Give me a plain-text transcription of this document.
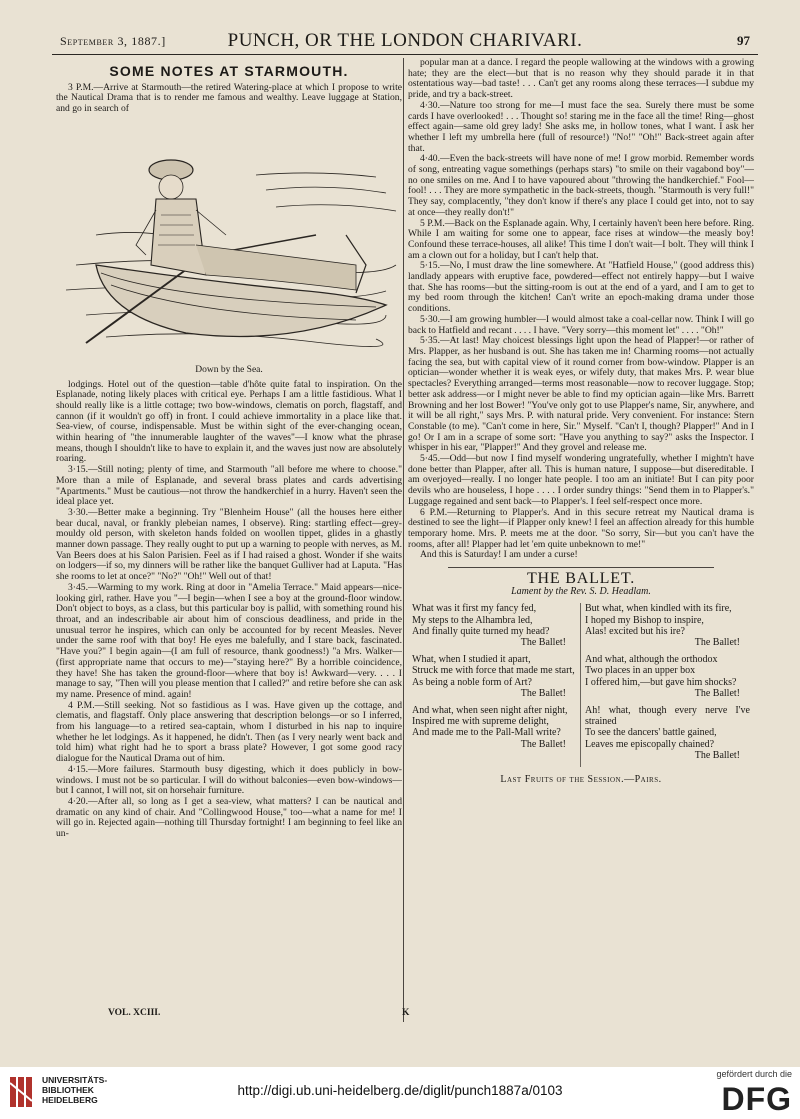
September 3, 1887.]	PUNCH, OR THE LONDON CHARIVARI.	97
SOME NOTES AT STARMOUTH.

3 P.M.—Arrive at Starmouth—the retired Watering-place at which I propose to write the Nautical Drama that is to render me famous and wealthy. Leave luggage at Station, and go in search of

Down by the Sea.

lodgings. Hotel out of the question—table d'hôte quite fatal to inspiration. On the Esplanade, noting likely places with critical eye. Perhaps I am a little fastidious. What I should really like is a little cottage; two bow-windows, clematis on porch, flagstaff, and cannon (if it wouldn't go off) in front. I could achieve immortality in a place like that. Sea-view, of course, indispensable. Must be within sight of the ever-changing ocean, within hearing of "the innumerable laughter of the waves"—I know what the phrase means, though I shouldn't like to have to explain it, and the waves just now are absolutely roaring.

3·15.—Still noting; plenty of time, and Starmouth "all before me where to choose." More than a mile of Esplanade, and several brass plates and cards advertising "Apartments." Must be cautious—not throw the handkerchief in a hurry. Haven't seen the ideal place yet.

3·30.—Better make a beginning. Try "Blenheim House" (all the houses here either bear ducal, naval, or frankly plebeian names, I observe). Ring: startling effect—grey-mouldy old person, with skeleton hands folded on woollen tippet, glides in a ghastly manner down passage. They really ought to put up a warning to people with nerves, as M. Van Beers does at his Salon Parisien. Feel as if I had raised a ghost. Wonder if she waits on lodgers—if so, my dinners will be rather like the banquet Gulliver had at Laputa. "Has she rooms to let at once?" "No?" "Oh!" Well out of that!

3·45.—Warming to my work. Ring at door in "Amelia Terrace." Maid appears—nice-looking girl, rather. Have you "—I begin—when I see a boy at the ground-floor window. Don't object to boys, as a class, but this particular boy is pallid, with something round his throat, and an indescribable air about him of conscious deadliness, and pride in the unusual terror he inspires, which can only be accounted for by recent Measles. Never under the same roof with that boy! He eyes me balefully, and I stare back, fascinated. "Have you?" I begin again—(I am full of resource, thank goodness!) "a Mrs. Walker—(first appropriate name that occurs to me)—"staying here?" By a horrible coincidence, they have! She has taken the ground-floor—where that boy is! Awkward—very. . . . I manage to say, "Then will you please mention that I called?" and retire before she can ask my name. Presence of mind. again!

4 P.M.—Still seeking. Not so fastidious as I was. Have given up the cottage, and clematis, and flagstaff. Only place answering that description belongs—or so I inferred, from his language—to a retired sea-captain, whom I disturbed in his nap to inquire whether he let lodgings. As it happened, he didn't. Then (as I very nearly went back and told him) what right had he to sport a brass plate? However, I got some good racy dialogue for the Nautical Drama out of him.

4·15.—More failures. Starmouth busy digesting, which it does publicly in bow-windows. I must not be so particular. I will do without balconies—even bow-windows—but I cannot, I will not, sit on horsehair furniture.

4·20.—After all, so long as I get a sea-view, what matters? I can be nautical and dramatic on any kind of chair. And "Collingwood House," too—what a name for me! I will go in. Rejected again—nothing till Thursday fortnight! I am beginning to feel like an un-

popular man at a dance. I regard the people wallowing at the windows with a growing hate; they are the elect—but that is no reason why they should parade it in that ostentatious way—bad taste! . . . Can't get any rooms along these terraces—I subdue my pride, and try a back-street.

4·30.—Nature too strong for me—I must face the sea. Surely there must be some cards I have overlooked! . . . Thought so! staring me in the face all the time! Ring—ghost effect again—same old grey lady! She asks me, in hollow tones, what I want. I ask her whether I left my umbrella here (full of resource!) "No!" "Oh!" Back-street again after that.

4·40.—Even the back-streets will have none of me! I grow morbid. Remember words of song, entreating vague somethings (perhaps stars) "to smile on their vagabond boy"—no one smiles on me. And I to have vapoured about "throwing the handkerchief." Fool—fool! . . . They are more sympathetic in the back-streets, though. "Starmouth is very full!" They say, complacently, "they don't know if there's any place I could get into, not to say at once—they really don't!"

5 P.M.—Back on the Esplanade again. Why, I certainly haven't been here before. Ring. While I am waiting for some one to appear, face rises at window—the measly boy! Confound these terrace-houses, all alike! This time I don't wait—I bolt. They will think I am a clown out for a holiday, but I can't help that.

5·15.—No, I must draw the line somewhere. At "Hatfield House," (good address this) landlady appears with eruptive face, powdered—effect not entirely happy—but I waive that. She has rooms—but the sitting-room is out at the end of a yard, and I am to get to my bed room through the kitchen! Can't write an epoch-making drama under those conditions.

5·30.—I am growing humbler—I would almost take a coal-cellar now. Think I will go back to Hatfield and recant . . . . I have. "Very sorry—this moment let" . . . . "Oh!"

5·35.—At last! May choicest blessings light upon the head of Plapper!—or rather of Mrs. Plapper, as her husband is out. She has taken me in! Charming rooms—not actually facing the sea, but with capital view of it round corner from bow-window. Plapper is an optician—wonder whether it is weak eyes, or wifely duty, that makes Mrs. P. wear blue spectacles? Everything arranged—terms most reasonable—now to recover luggage. Stop; better ask address—or I might never be able to find my optician again—like Mrs. Barrett Browning and her lost Bower! "You've only got to use Plapper's name, Sir, anywhere, and it will be all right," says Mrs. P. with natural pride. Very convenient. For instance: Stern Constable (to me). "Can't come in here, Sir." Myself. "Can't I, though? Plapper!" And in I go! Or I am in a scrape of some sort: "Have you anything to say?" asks the Inspector. I whisper in his ear, "Plapper!" And they grovel and release me.

5·45.—Odd—but now I find myself wondering ungratefully, whether I mightn't have done better than Plapper, after all. This is human nature, I suppose—but disereditable. I am overjoyed—really. I no longer hate people. I too am an initiate! But I can pity poor devils who are houseless, I hope . . . . I order sundry things: "Send them in to Plapper's." Luggage regained and sent back—to Plapper's. I feel self-respect once more.

6 P.M.—Returning to Plapper's. And in this secure retreat my Nautical drama is destined to see the light—if Plapper only knew! I feel an affection already for this humble temporary home. Mrs. P. meets me at the door. "So sorry, Sir—but you can't have the rooms, after all! Plapper had let 'em quite unbeknown to me!"

And this is Saturday! I am under a curse!

THE BALLET.
Lament by the Rev. S. D. Headlam.
What was it first my fancy fed,
My steps to the Alhambra led,
And finally quite turned my head?
The Ballet!
What, when I studied it apart,
Struck me with force that made me start,
As being a noble form of Art?
The Ballet!
And what, when seen night after night,
Inspired me with supreme delight,
And made me to the Pall-Mall write?
The Ballet!
But what, when kindled with its fire,
I hoped my Bishop to inspire,
Alas! excited but his ire?
The Ballet!
And what, although the orthodox
Two places in an upper box
I offered him,—but gave him shocks?
The Ballet!
Ah! what, though every nerve I've strained
To see the dancers' battle gained,
Leaves me episcopally chained?
The Ballet!
Last Fruits of the Session.—Pairs.
VOL. XCIII.	K
UNIVERSITÄTS-
BIBLIOTHEK
HEIDELBERG
http://digi.ub.uni-heidelberg.de/diglit/punch1887a/0103
gefördert durch die
DFG
